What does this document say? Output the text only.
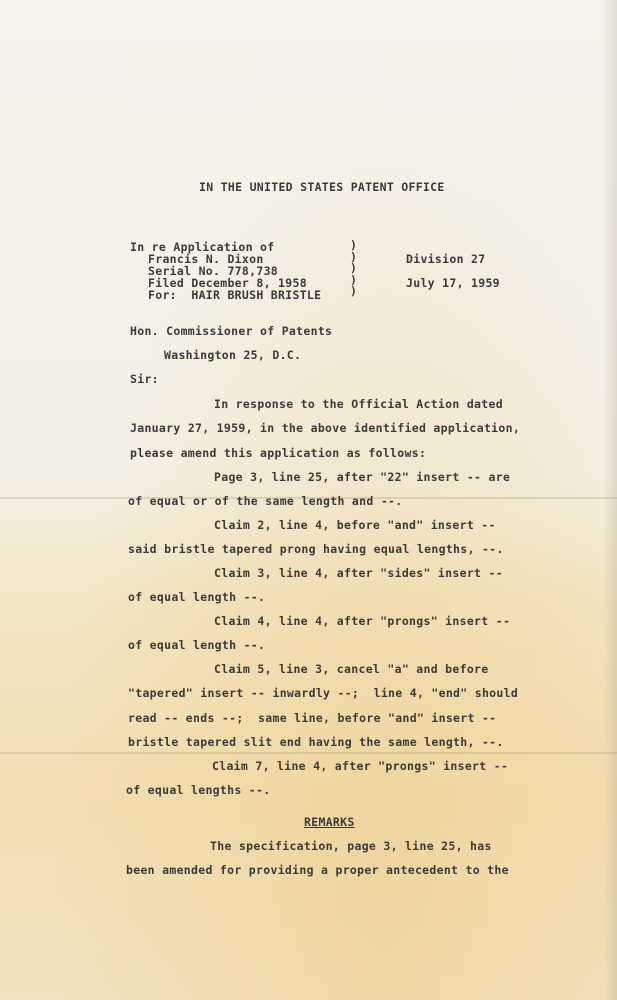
IN THE UNITED STATES PATENT OFFICE
In re Application of
Francis N. Dixon
Serial No. 778,738
Filed December 8, 1958
For:  HAIR BRUSH BRISTLE
)
)
)
)
)
Division 27
July 17, 1959
Hon. Commissioner of Patents
Washington 25, D.C.
Sir:
In response to the Official Action dated
January 27, 1959, in the above identified application,
please amend this application as follows:
Page 3, line 25, after "22" insert -- are
of equal or of the same length and --.
Claim 2, line 4, before "and" insert --
said bristle tapered prong having equal lengths, --.
Claim 3, line 4, after "sides" insert --
of equal length --.
Claim 4, line 4, after "prongs" insert --
of equal length --.
Claim 5, line 3, cancel "a" and before
"tapered" insert -- inwardly --;  line 4, "end" should
read -- ends --;  same line, before "and" insert --
bristle tapered slit end having the same length, --.
Claim 7, line 4, after "prongs" insert --
of equal lengths --.
REMARKS
The specification, page 3, line 25, has
been amended for providing a proper antecedent to the
